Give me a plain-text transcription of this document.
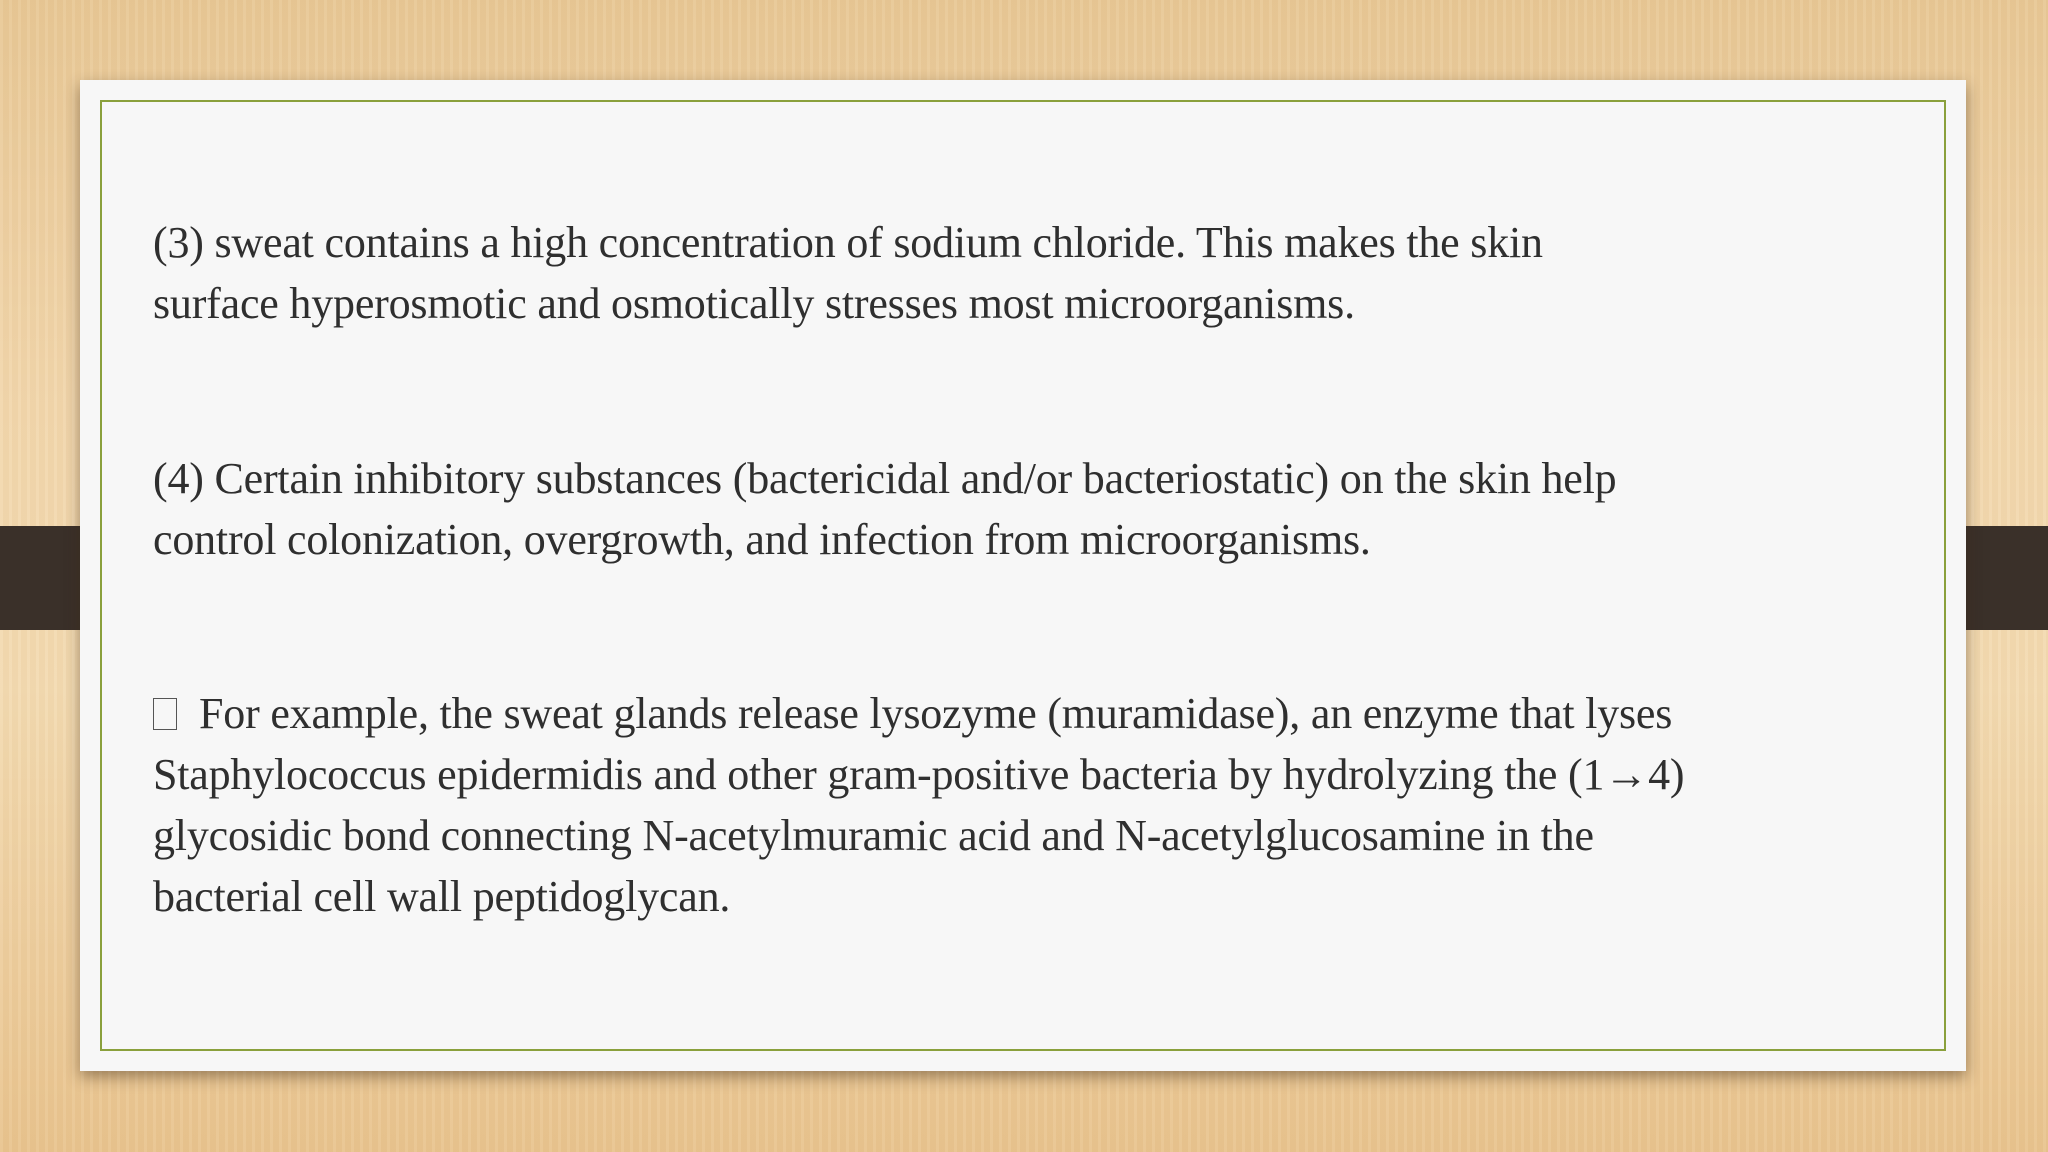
(3) sweat contains a high concentration of sodium chloride. This makes the skin
surface hyperosmotic and osmotically stresses most microorganisms.

(4) Certain inhibitory substances (bactericidal and/or bacteriostatic) on the skin help
control colonization, overgrowth, and infection from microorganisms.

For example, the sweat glands release lysozyme (muramidase), an enzyme that lyses
Staphylococcus epidermidis and other gram-positive bacteria by hydrolyzing the (1→4)
glycosidic bond connecting N-acetylmuramic acid and N-acetylglucosamine in the
bacterial cell wall peptidoglycan.
